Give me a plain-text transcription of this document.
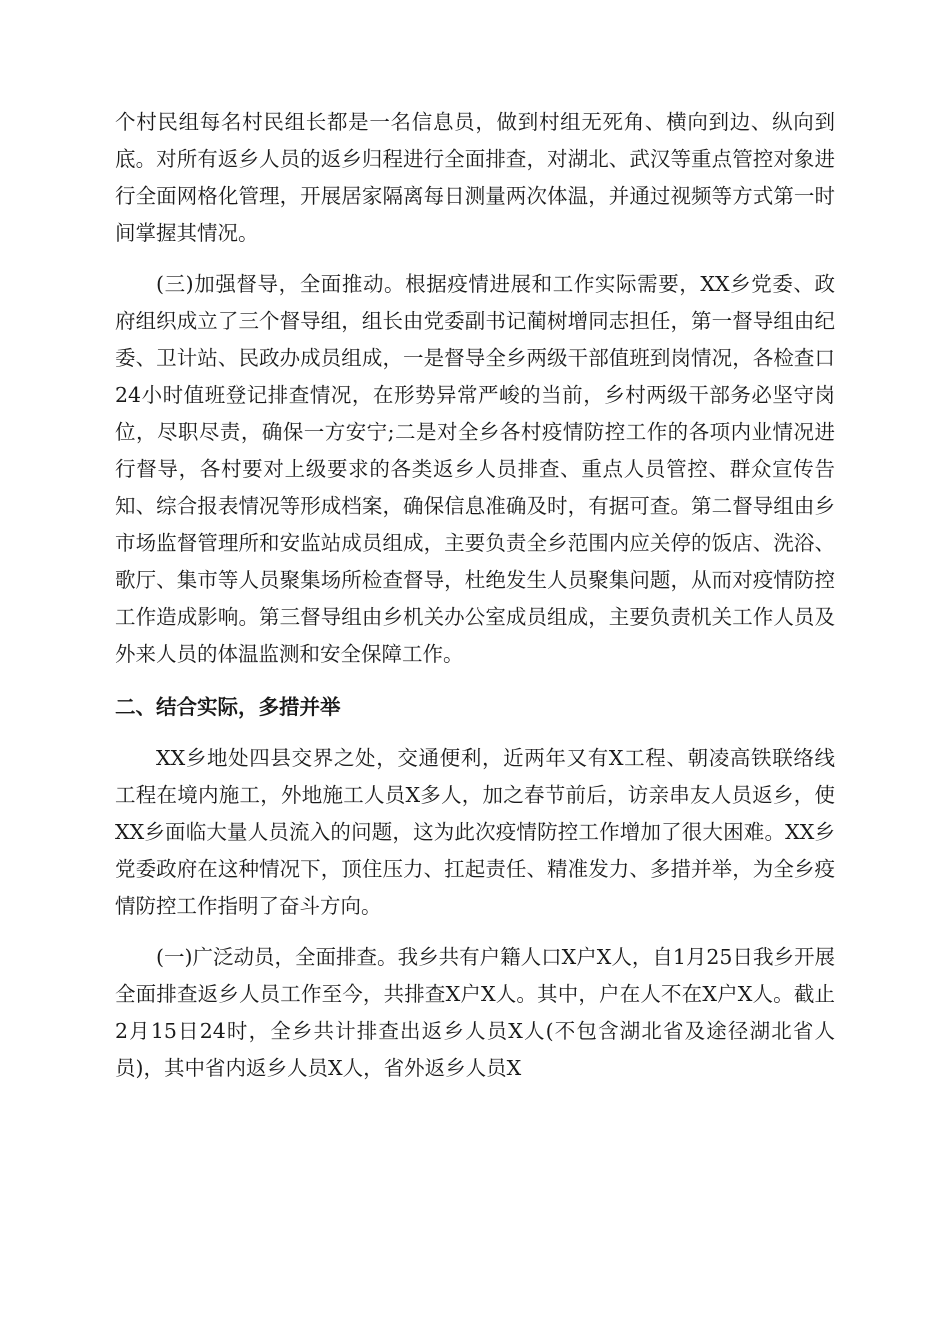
个村民组每名村民组长都是一名信息员，做到村组无死角、横向到边、纵向到底。对所有返乡人员的返乡归程进行全面排查，对湖北、武汉等重点管控对象进行全面网格化管理，开展居家隔离每日测量两次体温，并通过视频等方式第一时间掌握其情况。

(三)加强督导，全面推动。根据疫情进展和工作实际需要，XX乡党委、政府组织成立了三个督导组，组长由党委副书记蔺树增同志担任，第一督导组由纪委、卫计站、民政办成员组成，一是督导全乡两级干部值班到岗情况，各检查口24小时值班登记排查情况，在形势异常严峻的当前，乡村两级干部务必坚守岗位，尽职尽责，确保一方安宁;二是对全乡各村疫情防控工作的各项内业情况进行督导，各村要对上级要求的各类返乡人员排查、重点人员管控、群众宣传告知、综合报表情况等形成档案，确保信息准确及时，有据可查。第二督导组由乡市场监督管理所和安监站成员组成，主要负责全乡范围内应关停的饭店、洗浴、歌厅、集市等人员聚集场所检查督导，杜绝发生人员聚集问题，从而对疫情防控工作造成影响。第三督导组由乡机关办公室成员组成，主要负责机关工作人员及外来人员的体温监测和安全保障工作。

二、结合实际，多措并举

XX乡地处四县交界之处，交通便利，近两年又有X工程、朝凌高铁联络线工程在境内施工，外地施工人员X多人，加之春节前后，访亲串友人员返乡，使XX乡面临大量人员流入的问题，这为此次疫情防控工作增加了很大困难。XX乡党委政府在这种情况下，顶住压力、扛起责任、精准发力、多措并举，为全乡疫情防控工作指明了奋斗方向。

(一)广泛动员，全面排查。我乡共有户籍人口X户X人，自1月25日我乡开展全面排查返乡人员工作至今，共排查X户X人。其中，户在人不在X户X人。截止2月15日24时，全乡共计排查出返乡人员X人(不包含湖北省及途径湖北省人员)，其中省内返乡人员X人，省外返乡人员X
